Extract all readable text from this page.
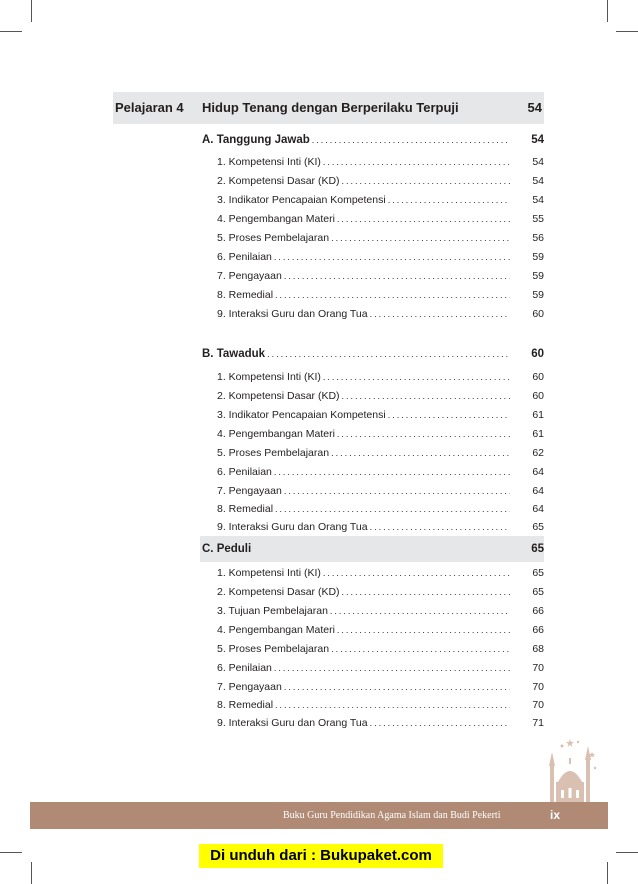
Pelajaran 4 Hidup Tenang dengan Berperilaku Terpuji	54
A. Tanggung Jawab .....	54
1. Kompetensi Inti (KI) .....	54
2. Kompetensi Dasar (KD) .....	54
3. Indikator Pencapaian Kompetensi .....	54
4. Pengembangan Materi .....	55
5. Proses Pembelajaran .....	56
6. Penilaian .....	59
7. Pengayaan .....	59
8. Remedial .....	59
9. Interaksi Guru dan Orang Tua .....	60
B. Tawaduk .....	60
1. Kompetensi Inti (KI) .....	60
2. Kompetensi Dasar (KD) .....	60
3. Indikator Pencapaian Kompetensi .....	61
4. Pengembangan Materi .....	61
5. Proses Pembelajaran .....	62
6. Penilaian .....	64
7. Pengayaan .....	64
8. Remedial .....	64
9. Interaksi Guru dan Orang Tua .....	65
C. Peduli	65
1. Kompetensi Inti (KI) .....	65
2. Kompetensi Dasar (KD) .....	65
3. Tujuan Pembelajaran .....	66
4. Pengembangan Materi .....	66
5. Proses Pembelajaran .....	68
6. Penilaian .....	70
7. Pengayaan .....	70
8. Remedial .....	70
9. Interaksi Guru dan Orang Tua .....	71
Buku Guru Pendidikan Agama Islam dan Budi Pekerti	ix
Di unduh dari : Bukupaket.com
